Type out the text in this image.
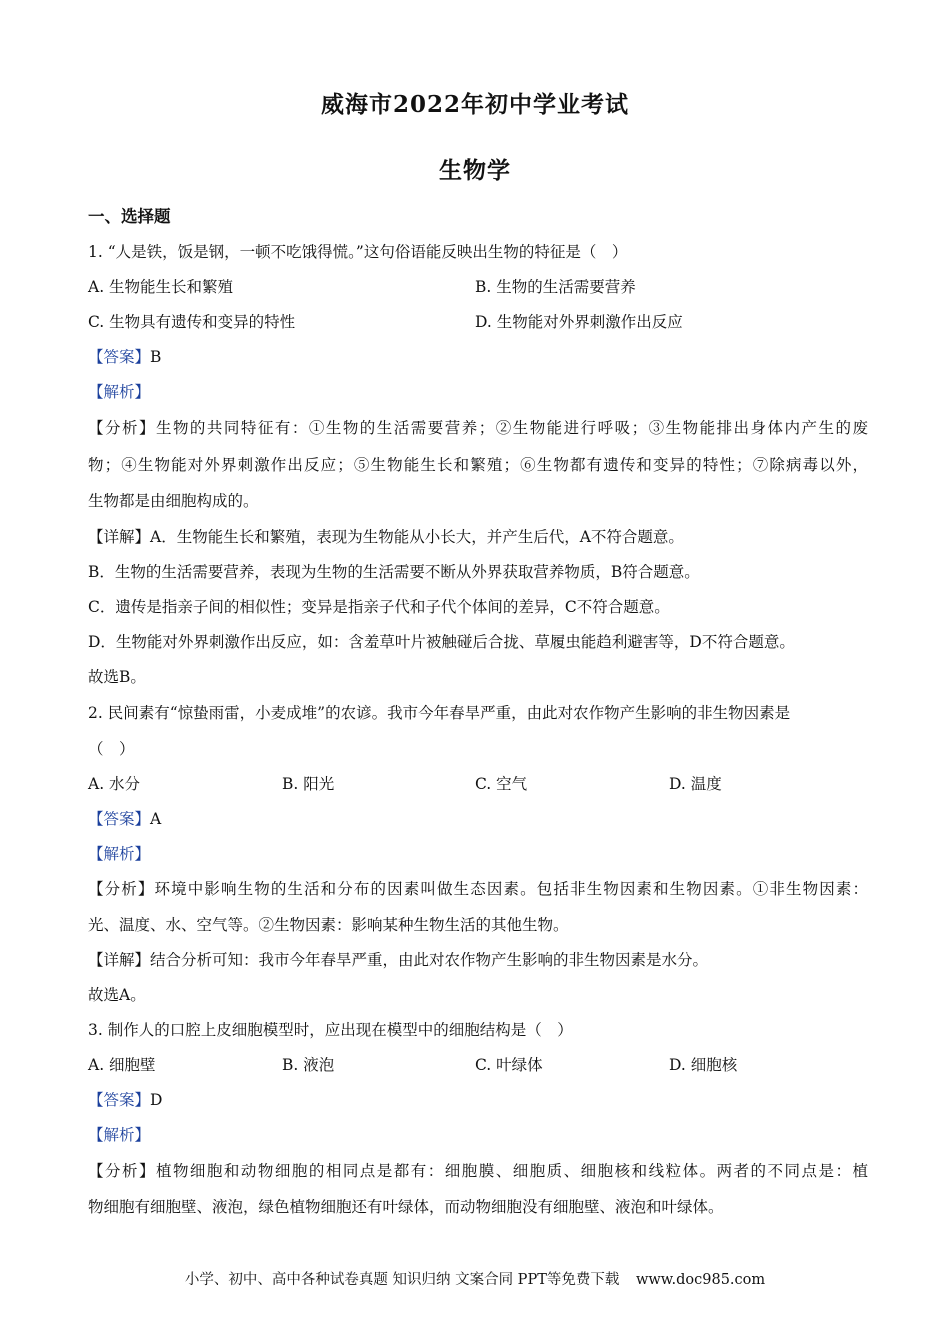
威海市2022年初中学业考试
生物学
一、选择题
1. “人是铁，饭是钢，一顿不吃饿得慌。”这句俗语能反映出生物的特征是（　）
A. 生物能生长和繁殖	B. 生物的生活需要营养
C. 生物具有遗传和变异的特性	D. 生物能对外界刺激作出反应
【答案】B
【解析】
【分析】生物的共同特征有：①生物的生活需要营养；②生物能进行呼吸；③生物能排出身体内产生的废
物；④生物能对外界刺激作出反应；⑤生物能生长和繁殖；⑥生物都有遗传和变异的特性；⑦除病毒以外，
生物都是由细胞构成的。
【详解】A．生物能生长和繁殖，表现为生物能从小长大，并产生后代，A不符合题意。
B．生物的生活需要营养，表现为生物的生活需要不断从外界获取营养物质，B符合题意。
C．遗传是指亲子间的相似性；变异是指亲子代和子代个体间的差异，C不符合题意。
D．生物能对外界刺激作出反应，如：含羞草叶片被触碰后合拢、草履虫能趋利避害等，D不符合题意。
故选B。
2. 民间素有“惊蛰雨雷，小麦成堆”的农谚。我市今年春旱严重，由此对农作物产生影响的非生物因素是
（　）
A. 水分	B. 阳光	C. 空气	D. 温度
【答案】A
【解析】
【分析】环境中影响生物的生活和分布的因素叫做生态因素。包括非生物因素和生物因素。①非生物因素：
光、温度、水、空气等。②生物因素：影响某种生物生活的其他生物。
【详解】结合分析可知：我市今年春旱严重，由此对农作物产生影响的非生物因素是水分。
故选A。
3. 制作人的口腔上皮细胞模型时，应出现在模型中的细胞结构是（　）
A. 细胞壁	B. 液泡	C. 叶绿体	D. 细胞核
【答案】D
【解析】
【分析】植物细胞和动物细胞的相同点是都有：细胞膜、细胞质、细胞核和线粒体。两者的不同点是：植
物细胞有细胞壁、液泡，绿色植物细胞还有叶绿体，而动物细胞没有细胞壁、液泡和叶绿体。
小学、初中、高中各种试卷真题 知识归纳 文案合同 PPT等免费下载 www.doc985.com
